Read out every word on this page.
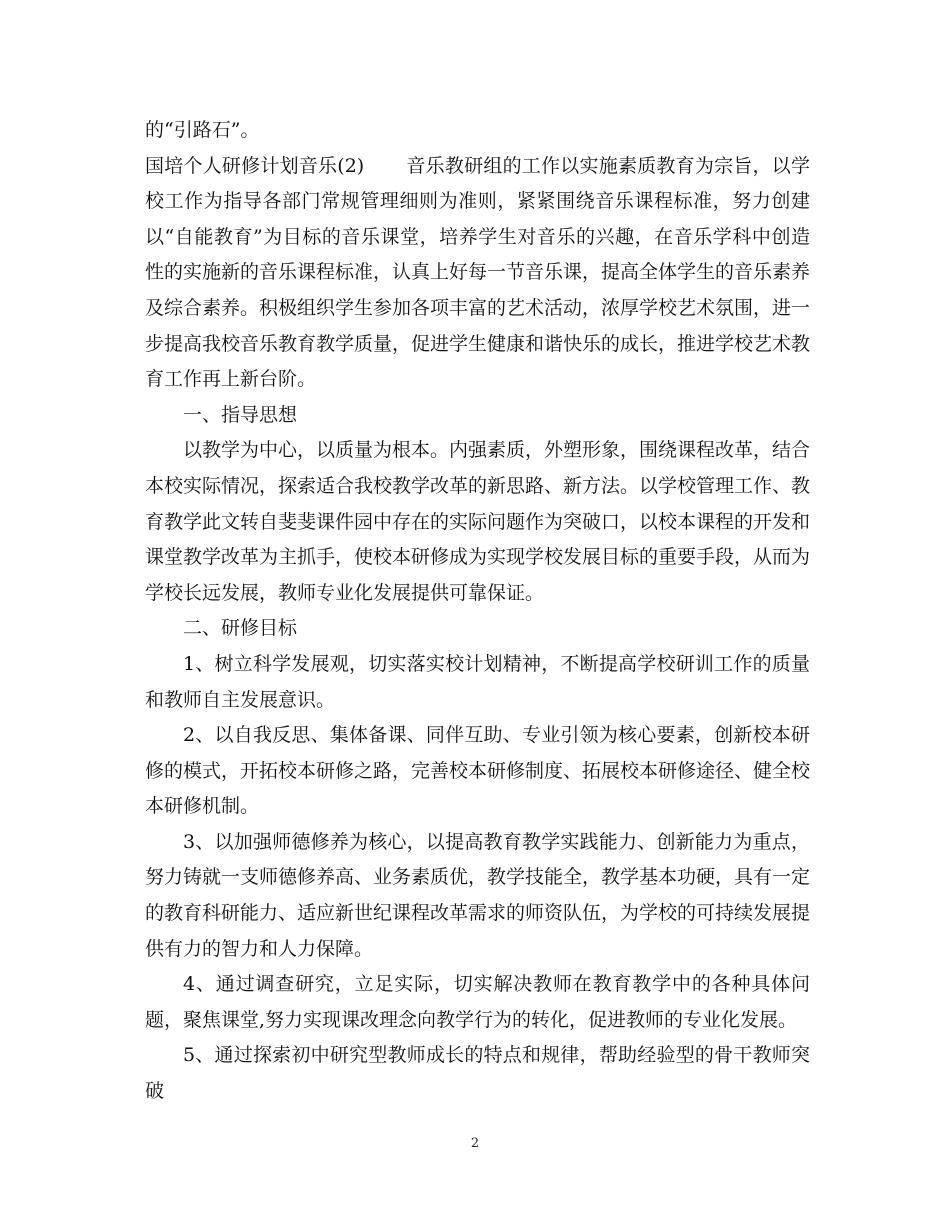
的“引路石”。

国培个人研修计划音乐(2) 音乐教研组的工作以实施素质教育为宗旨，以学校工作为指导各部门常规管理细则为准则，紧紧围绕音乐课程标准，努力创建以“自能教育”为目标的音乐课堂，培养学生对音乐的兴趣，在音乐学科中创造性的实施新的音乐课程标准，认真上好每一节音乐课，提高全体学生的音乐素养及综合素养。积极组织学生参加各项丰富的艺术活动，浓厚学校艺术氛围，进一步提高我校音乐教育教学质量，促进学生健康和谐快乐的成长，推进学校艺术教育工作再上新台阶。

一、指导思想

以教学为中心，以质量为根本。内强素质，外塑形象，围绕课程改革，结合本校实际情况，探索适合我校教学改革的新思路、新方法。以学校管理工作、教育教学此文转自斐斐课件园中存在的实际问题作为突破口，以校本课程的开发和课堂教学改革为主抓手，使校本研修成为实现学校发展目标的重要手段，从而为学校长远发展，教师专业化发展提供可靠保证。

二、研修目标

1、树立科学发展观，切实落实校计划精神，不断提高学校研训工作的质量和教师自主发展意识。

2、以自我反思、集体备课、同伴互助、专业引领为核心要素，创新校本研修的模式，开拓校本研修之路，完善校本研修制度、拓展校本研修途径、健全校本研修机制。

3、以加强师德修养为核心，以提高教育教学实践能力、创新能力为重点，努力铸就一支师德修养高、业务素质优，教学技能全，教学基本功硬，具有一定的教育科研能力、适应新世纪课程改革需求的师资队伍，为学校的可持续发展提供有力的智力和人力保障。

4、通过调查研究，立足实际，切实解决教师在教育教学中的各种具体问题，聚焦课堂,努力实现课改理念向教学行为的转化，促进教师的专业化发展。

5、通过探索初中研究型教师成长的特点和规律，帮助经验型的骨干教师突破

2
